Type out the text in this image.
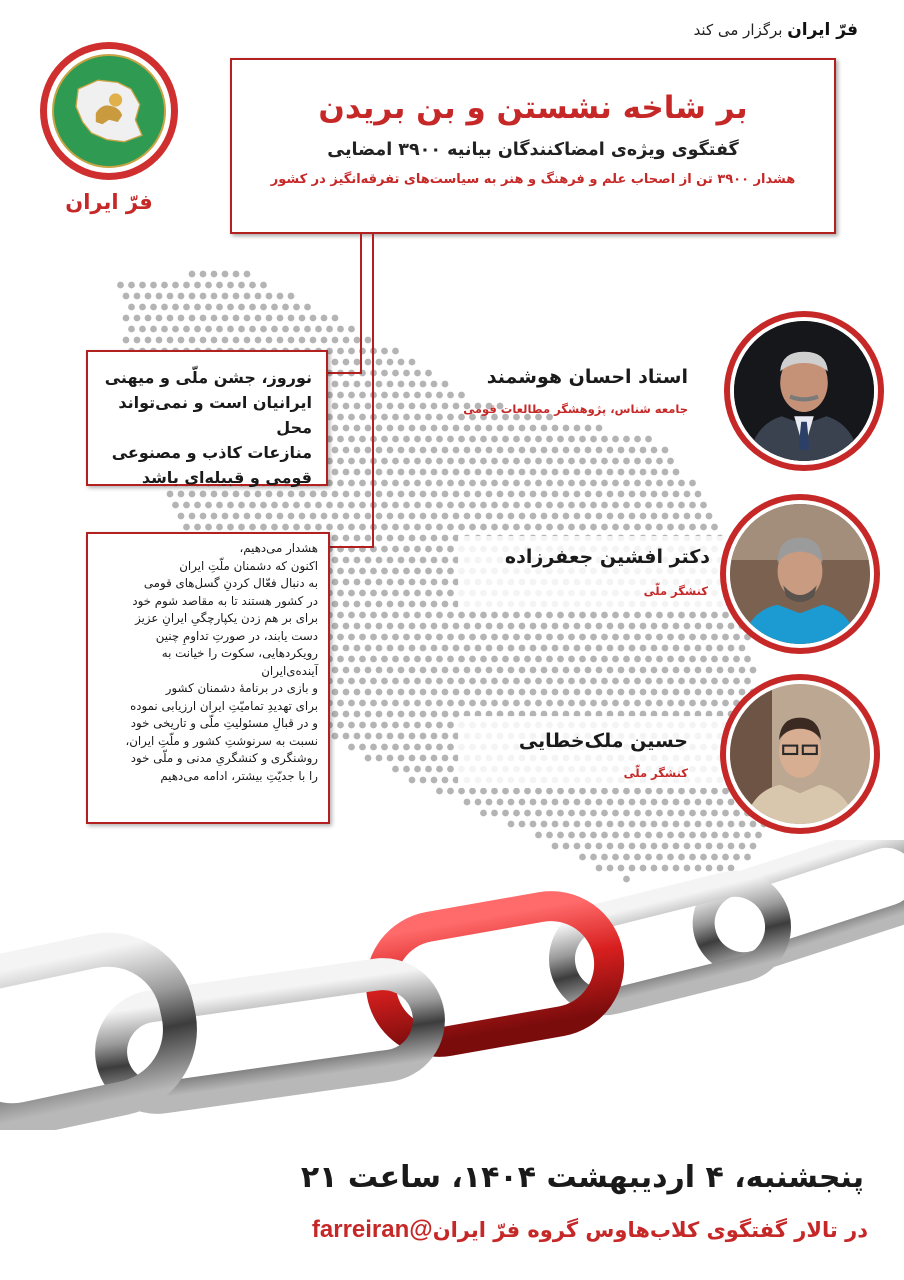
فرّ ایران برگزار می کند
فرّ ایران
بر شاخه نشستن و بن بریدن
گفتگوی ویژه‌ی امضاکنندگان بیانیه ۳۹۰۰ امضایی
هشدار ۳۹۰۰ تن از اصحاب علم و فرهنگ و هنر به سیاست‌های تفرقه‌انگیز در کشور

نوروز، جشن ملّی و میهنی

ایرانیان است و نمی‌تواند محل

منازعات کاذب و مصنوعی

قومی و قبیله‌ای باشد

هشدار می‌دهیم،

اکنون که دشمنان ملّتِ ایران

به دنبال فعّال کردنِ گسل‌های قومی

در کشور هستند تا به مقاصد شوم خود

برای بر هم زدن یکپارچگیِ ایرانِ عزیز

دست یابند، در صورتِ تداومِ چنین

رویکردهایی، سکوت را خیانت به

آینده‌ی‌ایران

و بازی در برنامهٔ دشمنان کشور

برای تهدیدِ تمامیّتِ ایران ارزیابی نموده

و در قبالِ مسئولیتِ ملّی و تاریخی خود

نسبت به سرنوشتِ کشور و ملّتِ ایران،

روشنگری و کنشگریِ مدنی و ملّی خود

را با جدیّتِ بیشتر، ادامه می‌دهیم

استاد احسان هوشمند
جامعه شناس، پژوهشگر مطالعات قومی
دکتر افشین جعفرزاده
کنشگر ملّی
حسین ملک‌خطایی
کنشگر ملّی
پنجشنبه، ۴ اردیبهشت ۱۴۰۴، ساعت ۲۱
در تالار گفتگوی کلاب‌هاوس گروه فرّ ایران@farreiran
